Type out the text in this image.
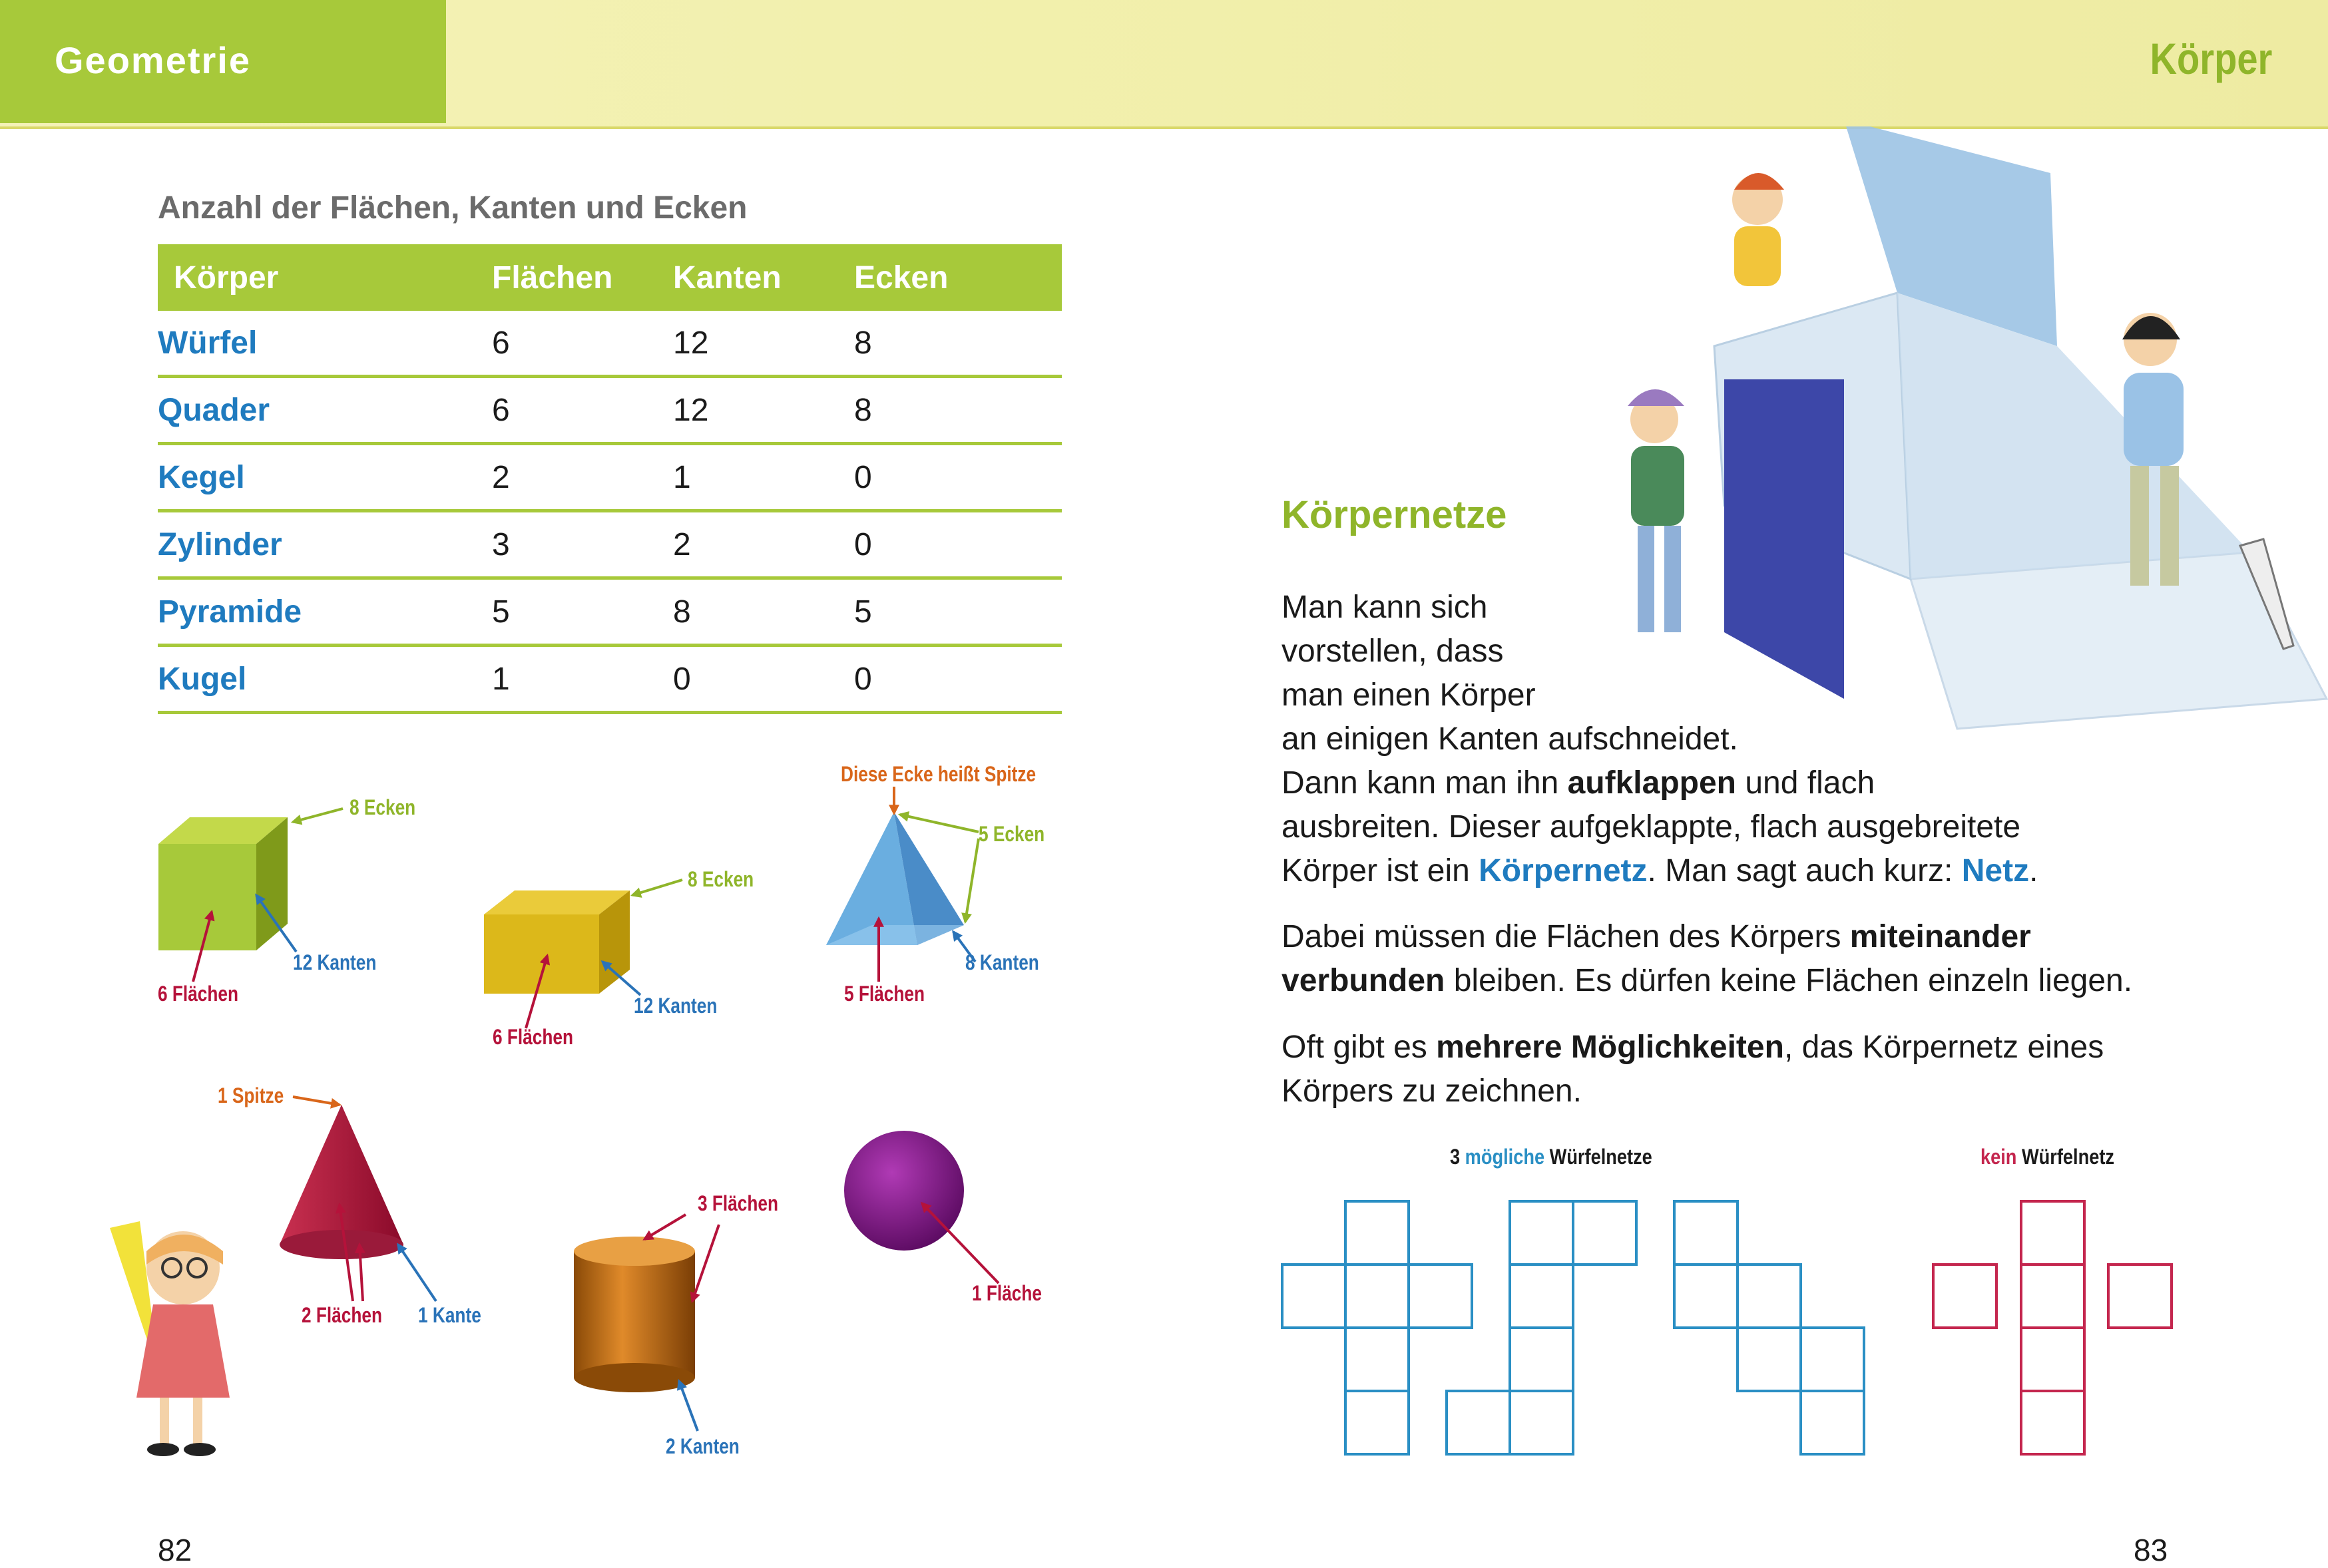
Geometrie	Körper
Anzahl der Flächen, Kanten und Ecken
Körper	Flächen	Kanten	Ecken
Würfel	6	12	8
Quader	6	12	8
Kegel	2	1	0
Zylinder	3	2	0
Pyramide	5	8	5
Kugel	1	0	0
8 Ecken
12 Kanten
6 Flächen
8 Ecken
12 Kanten
6 Flächen
Diese Ecke heißt Spitze
5 Ecken
8 Kanten
5 Flächen
1 Spitze
2 Flächen 1 Kante
3 Flächen
2 Kanten
1 Fläche
82
Körpernetze
Man kann sich
vorstellen, dass
man einen Körper
an einigen Kanten aufschneidet.
Dann kann man ihn aufklappen und flach
ausbreiten. Dieser aufgeklappte, flach ausgebreitete
Körper ist ein Körpernetz. Man sagt auch kurz: Netz.
Dabei müssen die Flächen des Körpers miteinander
verbunden bleiben. Es dürfen keine Flächen einzeln liegen.
Oft gibt es mehrere Möglichkeiten, das Körpernetz eines
Körpers zu zeichnen.
3 mögliche Würfelnetze	kein Würfelnetz
83
